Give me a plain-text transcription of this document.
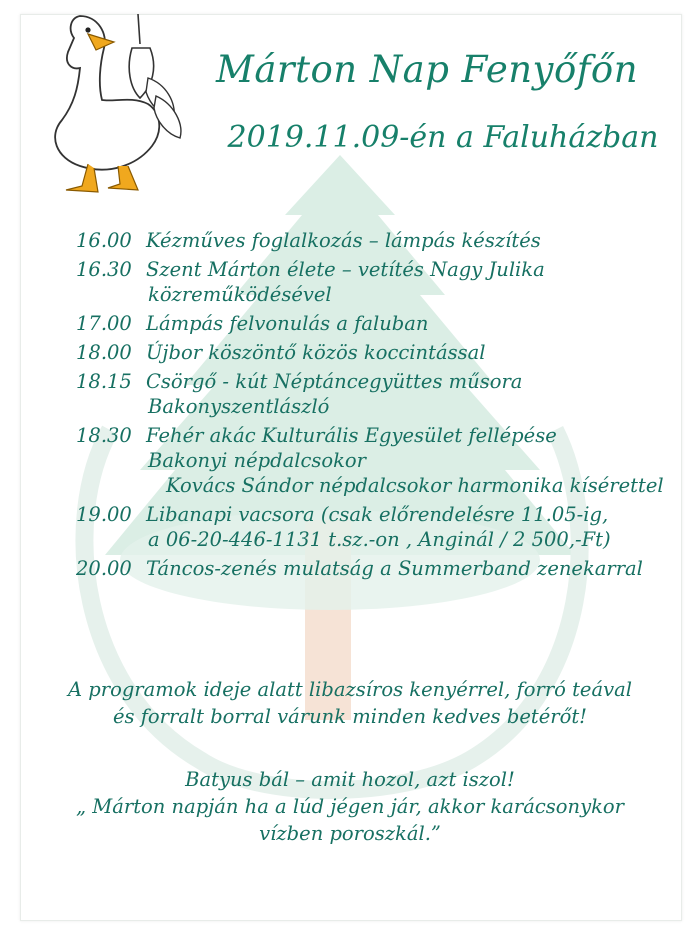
Márton Nap Fenyőfőn
2019.11.09-én a Faluházban
16.00 Kézműves foglalkozás – lámpás készítés
16.30 Szent Márton élete – vetítés Nagy Julika
közreműködésével
17.00 Lámpás felvonulás a faluban
18.00 Újbor köszöntő közös koccintással
18.15 Csörgő - kút Néptáncegyüttes műsora
Bakonyszentlászló
18.30 Fehér akác Kulturális Egyesület fellépése
Bakonyi népdalcsokor
Kovács Sándor népdalcsokor harmonika kísérettel
19.00 Libanapi vacsora (csak előrendelésre 11.05-ig,
a 06-20-446-1131 t.sz.-on , Anginál / 2 500,-Ft)
20.00 Táncos-zenés mulatság a Summerband zenekarral
A programok ideje alatt libazsíros kenyérrel, forró teával
és forralt borral várunk minden kedves betérőt!
Batyus bál – amit hozol, azt iszol!
„ Márton napján ha a lúd jégen jár, akkor karácsonykor
vízben poroszkál.”
